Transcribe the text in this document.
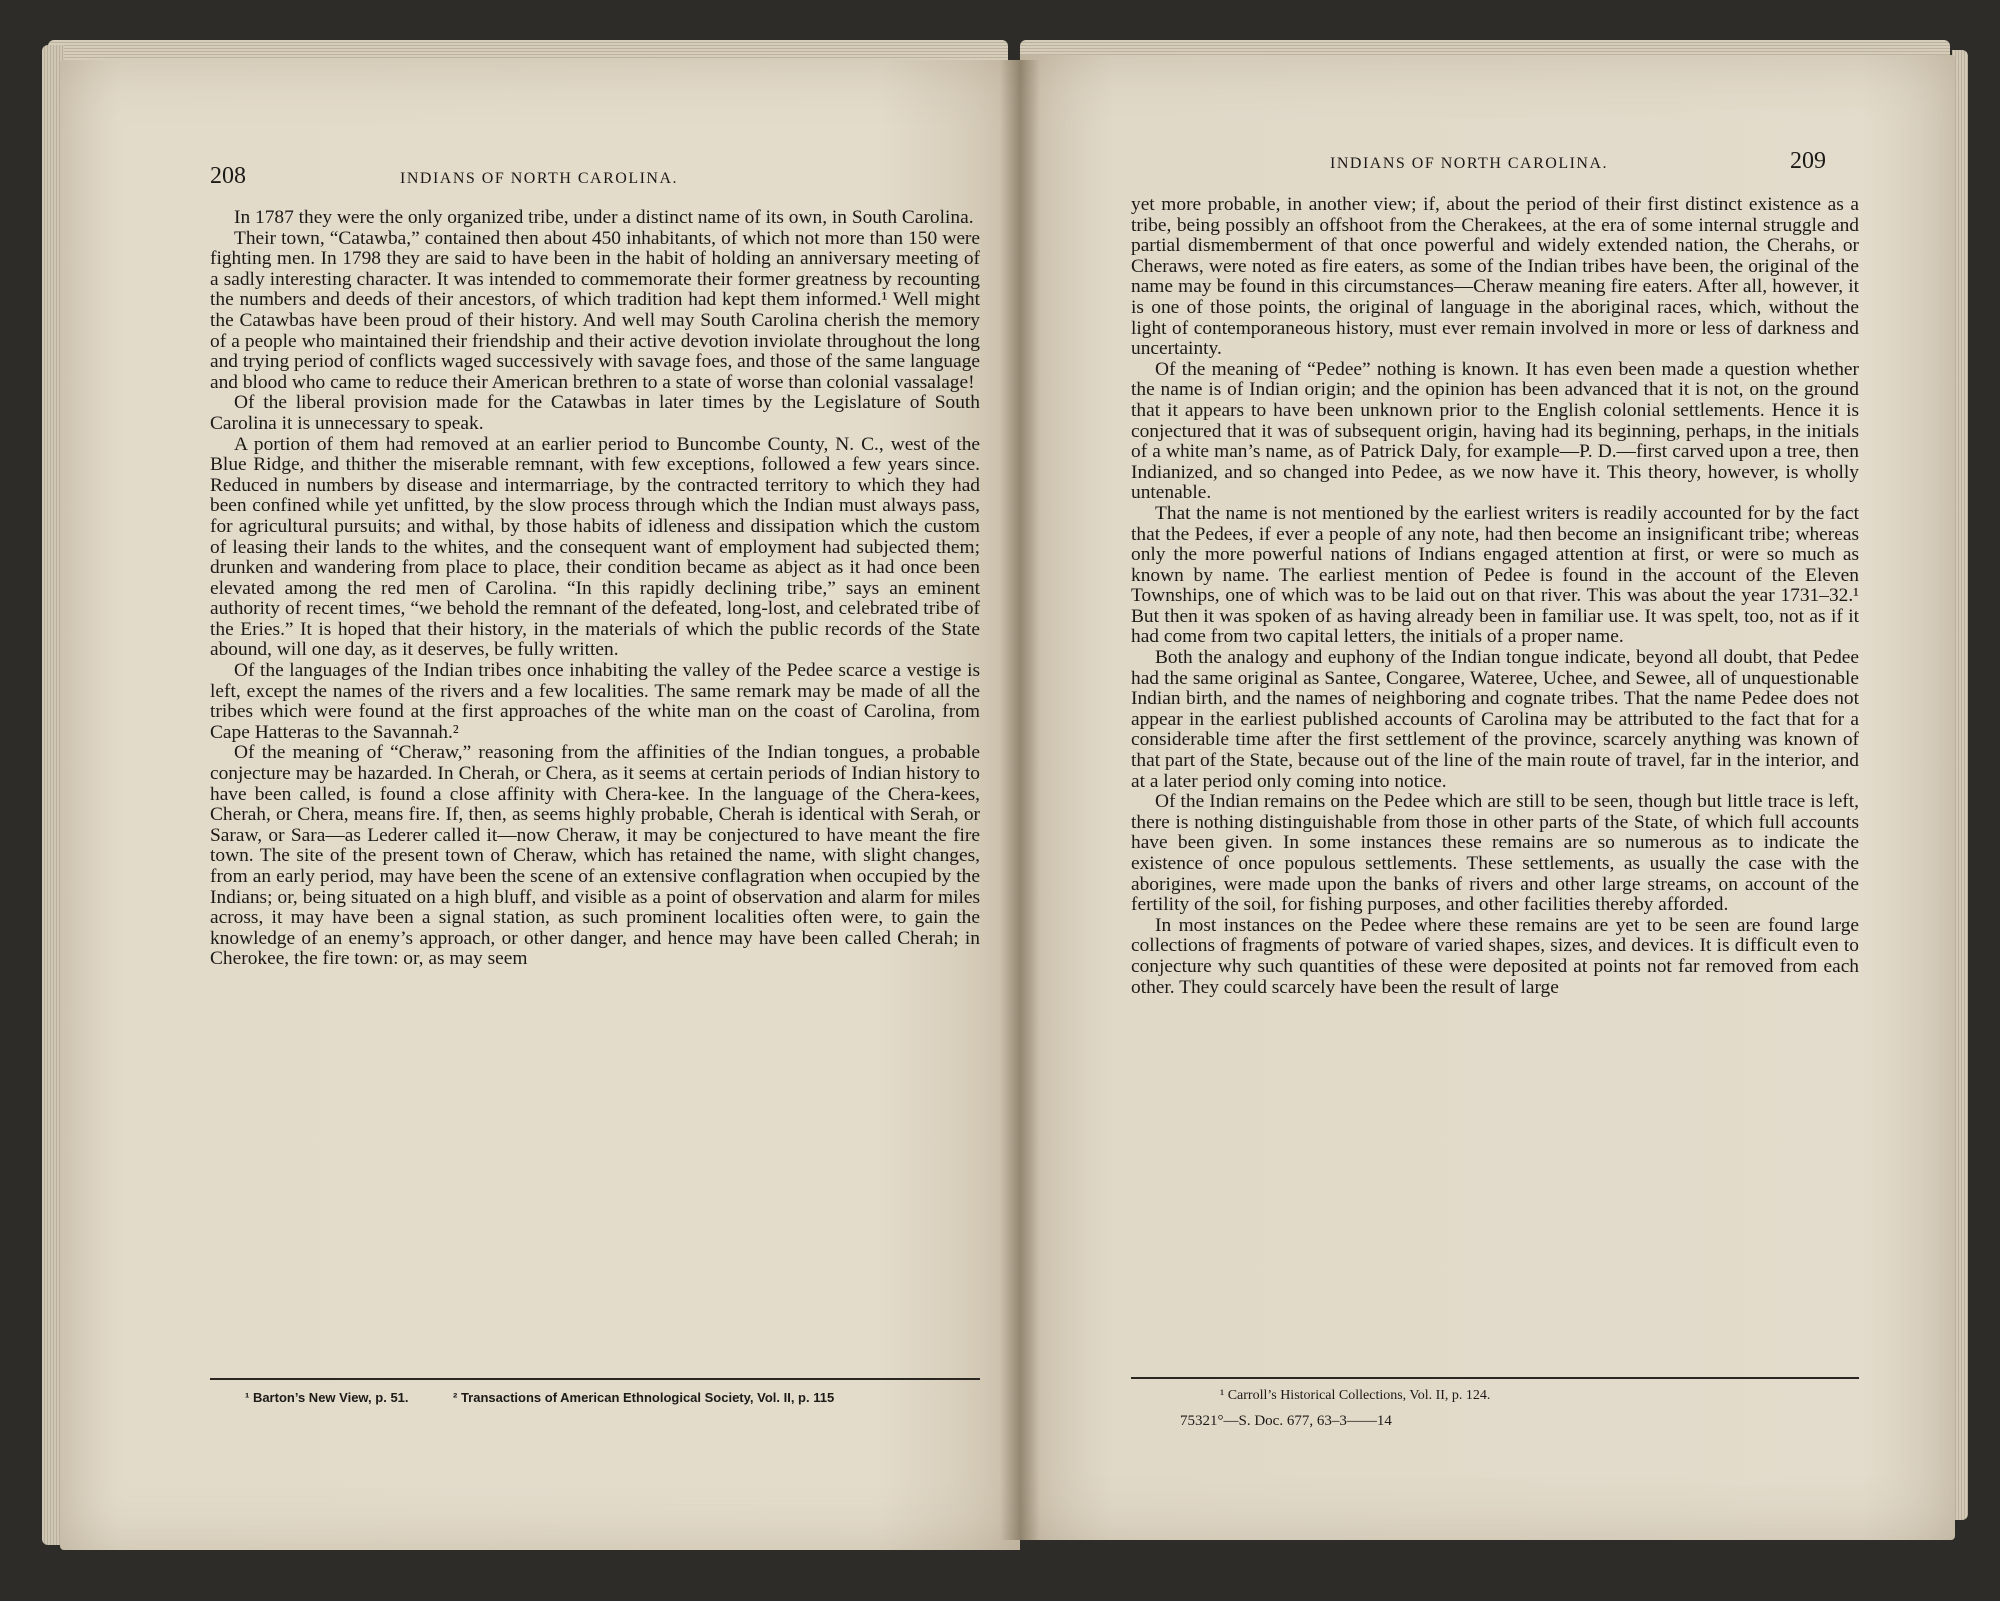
208	INDIANS OF NORTH CAROLINA.

In 1787 they were the only organized tribe, under a distinct name of its own, in South Carolina.

Their town, “Catawba,” contained then about 450 inhabitants, of which not more than 150 were fighting men. In 1798 they are said to have been in the habit of holding an anniversary meeting of a sadly interesting character. It was intended to commemorate their former greatness by recounting the numbers and deeds of their ancestors, of which tradition had kept them informed.¹ Well might the Catawbas have been proud of their history. And well may South Carolina cherish the memory of a people who maintained their friendship and their active devotion inviolate throughout the long and trying period of conflicts waged successively with savage foes, and those of the same language and blood who came to reduce their American brethren to a state of worse than colonial vassalage!

Of the liberal provision made for the Catawbas in later times by the Legislature of South Carolina it is unnecessary to speak.

A portion of them had removed at an earlier period to Buncombe County, N. C., west of the Blue Ridge, and thither the miserable remnant, with few exceptions, followed a few years since. Reduced in numbers by disease and intermarriage, by the contracted territory to which they had been confined while yet unfitted, by the slow process through which the Indian must always pass, for agricultural pursuits; and withal, by those habits of idleness and dissipation which the custom of leasing their lands to the whites, and the consequent want of employment had subjected them; drunken and wandering from place to place, their condition became as abject as it had once been elevated among the red men of Carolina. “In this rapidly declining tribe,” says an eminent authority of recent times, “we behold the remnant of the defeated, long-lost, and celebrated tribe of the Eries.” It is hoped that their history, in the materials of which the public records of the State abound, will one day, as it deserves, be fully written.

Of the languages of the Indian tribes once inhabiting the valley of the Pedee scarce a vestige is left, except the names of the rivers and a few localities. The same remark may be made of all the tribes which were found at the first approaches of the white man on the coast of Carolina, from Cape Hatteras to the Savannah.²

Of the meaning of “Cheraw,” reasoning from the affinities of the Indian tongues, a probable conjecture may be hazarded. In Cherah, or Chera, as it seems at certain periods of Indian history to have been called, is found a close affinity with Chera-kee. In the language of the Chera-kees, Cherah, or Chera, means fire. If, then, as seems highly probable, Cherah is identical with Serah, or Saraw, or Sara—as Lederer called it—now Cheraw, it may be conjectured to have meant the fire town. The site of the present town of Cheraw, which has retained the name, with slight changes, from an early period, may have been the scene of an extensive conflagration when occupied by the Indians; or, being situated on a high bluff, and visible as a point of observation and alarm for miles across, it may have been a signal station, as such prominent localities often were, to gain the knowledge of an enemy’s approach, or other danger, and hence may have been called Cherah; in Cherokee, the fire town: or, as may seem

¹ Barton’s New View, p. 51.	² Transactions of American Ethnological Society, Vol. II, p. 115
INDIANS OF NORTH CAROLINA.	209

yet more probable, in another view; if, about the period of their first distinct existence as a tribe, being possibly an offshoot from the Cherakees, at the era of some internal struggle and partial dismemberment of that once powerful and widely extended nation, the Cherahs, or Cheraws, were noted as fire eaters, as some of the Indian tribes have been, the original of the name may be found in this circumstances—Cheraw meaning fire eaters. After all, however, it is one of those points, the original of language in the aboriginal races, which, without the light of contemporaneous history, must ever remain involved in more or less of darkness and uncertainty.

Of the meaning of “Pedee” nothing is known. It has even been made a question whether the name is of Indian origin; and the opinion has been advanced that it is not, on the ground that it appears to have been unknown prior to the English colonial settlements. Hence it is conjectured that it was of subsequent origin, having had its beginning, perhaps, in the initials of a white man’s name, as of Patrick Daly, for example—P. D.—first carved upon a tree, then Indianized, and so changed into Pedee, as we now have it. This theory, however, is wholly untenable.

That the name is not mentioned by the earliest writers is readily accounted for by the fact that the Pedees, if ever a people of any note, had then become an insignificant tribe; whereas only the more powerful nations of Indians engaged attention at first, or were so much as known by name. The earliest mention of Pedee is found in the account of the Eleven Townships, one of which was to be laid out on that river. This was about the year 1731–32.¹ But then it was spoken of as having already been in familiar use. It was spelt, too, not as if it had come from two capital letters, the initials of a proper name.

Both the analogy and euphony of the Indian tongue indicate, beyond all doubt, that Pedee had the same original as Santee, Congaree, Wateree, Uchee, and Sewee, all of unquestionable Indian birth, and the names of neighboring and cognate tribes. That the name Pedee does not appear in the earliest published accounts of Carolina may be attributed to the fact that for a considerable time after the first settlement of the province, scarcely anything was known of that part of the State, because out of the line of the main route of travel, far in the interior, and at a later period only coming into notice.

Of the Indian remains on the Pedee which are still to be seen, though but little trace is left, there is nothing distinguishable from those in other parts of the State, of which full accounts have been given. In some instances these remains are so numerous as to indicate the existence of once populous settlements. These settlements, as usually the case with the aborigines, were made upon the banks of rivers and other large streams, on account of the fertility of the soil, for fishing purposes, and other facilities thereby afforded.

In most instances on the Pedee where these remains are yet to be seen are found large collections of fragments of potware of varied shapes, sizes, and devices. It is difficult even to conjecture why such quantities of these were deposited at points not far removed from each other. They could scarcely have been the result of large

¹ Carroll’s Historical Collections, Vol. II, p. 124.
75321°—S. Doc. 677, 63–3——14
